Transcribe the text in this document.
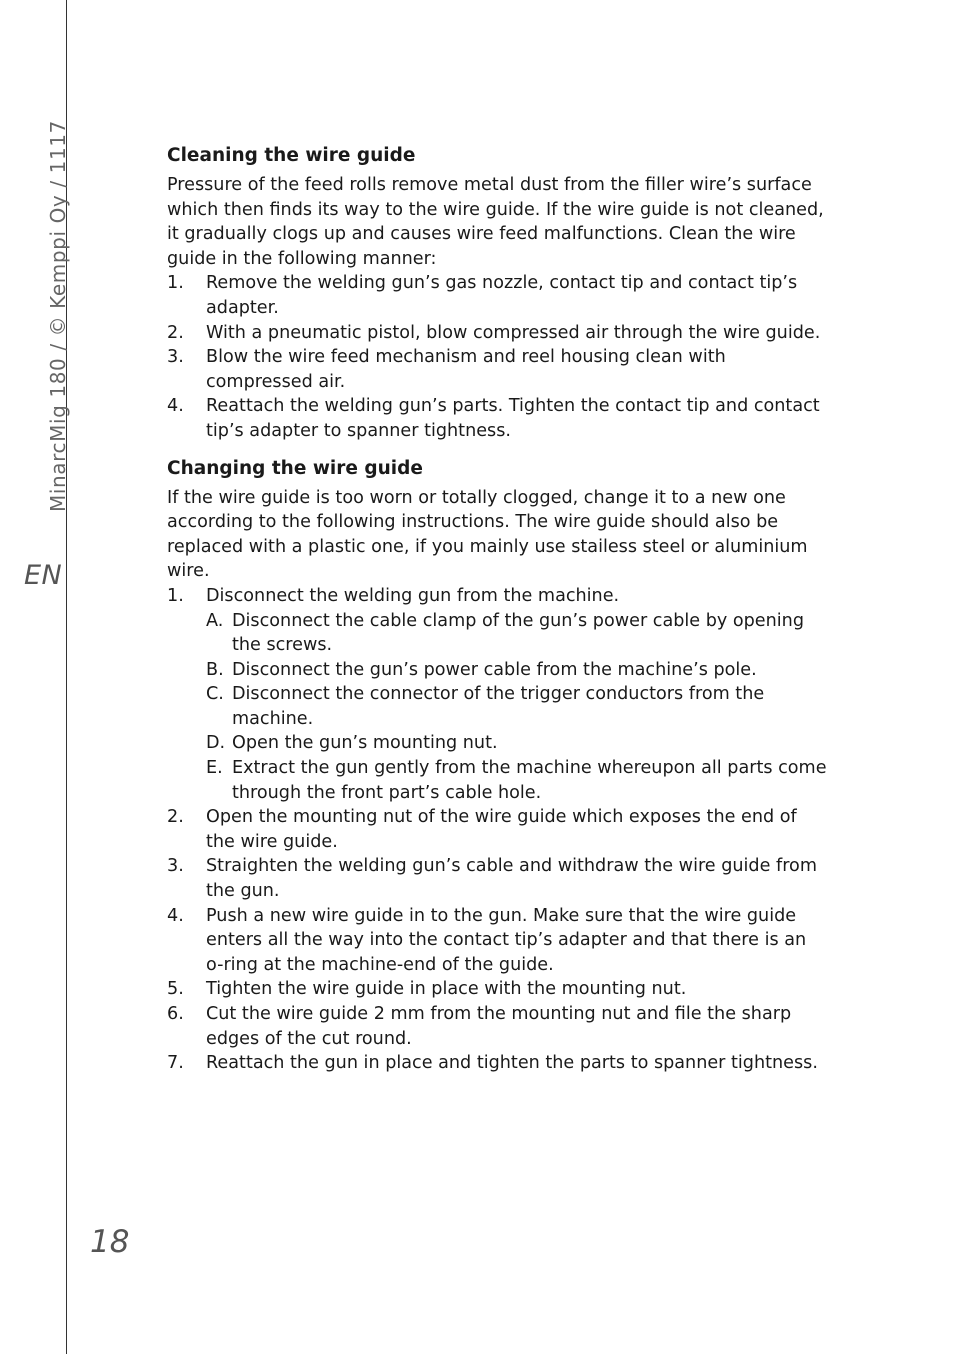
MinarcMig 180 / © Kemppi Oy / 1117
EN
18
Cleaning the wire guide

Pressure of the feed rolls remove metal dust from the filler wire’s surface which then finds its way to the wire guide. If the wire guide is not cleaned, it gradually clogs up and causes wire feed malfunctions. Clean the wire guide in the following manner:

1.	Remove the welding gun’s gas nozzle, contact tip and contact tip’s adapter.
2.	With a pneumatic pistol, blow compressed air through the wire guide.
3.	Blow the wire feed mechanism and reel housing clean with compressed air.
4.	Reattach the welding gun’s parts. Tighten the contact tip and contact tip’s adapter to spanner tightness.
Changing the wire guide

If the wire guide is too worn or totally clogged, change it to a new one according to the following instructions. The wire guide should also be replaced with a plastic one, if you mainly use stailess steel or aluminium wire.

1.	Disconnect the welding gun from the machine.
A. Disconnect the cable clamp of the gun’s power cable by opening the screws.
B. Disconnect the gun’s power cable from the machine’s pole.
C. Disconnect the connector of the trigger conductors from the machine.
D. Open the gun’s mounting nut.
E. Extract the gun gently from the machine whereupon all parts come through the front part’s cable hole.
2.	Open the mounting nut of the wire guide which exposes the end of the wire guide.
3.	Straighten the welding gun’s cable and withdraw the wire guide from the gun.
4.	Push a new wire guide in to the gun. Make sure that the wire guide enters all the way into the contact tip’s adapter and that there is an o-ring at the machine-end of the guide.
5.	Tighten the wire guide in place with the mounting nut.
6.	Cut the wire guide 2 mm from the mounting nut and file the sharp edges of the cut round.
7.	Reattach the gun in place and tighten the parts to spanner tightness.
